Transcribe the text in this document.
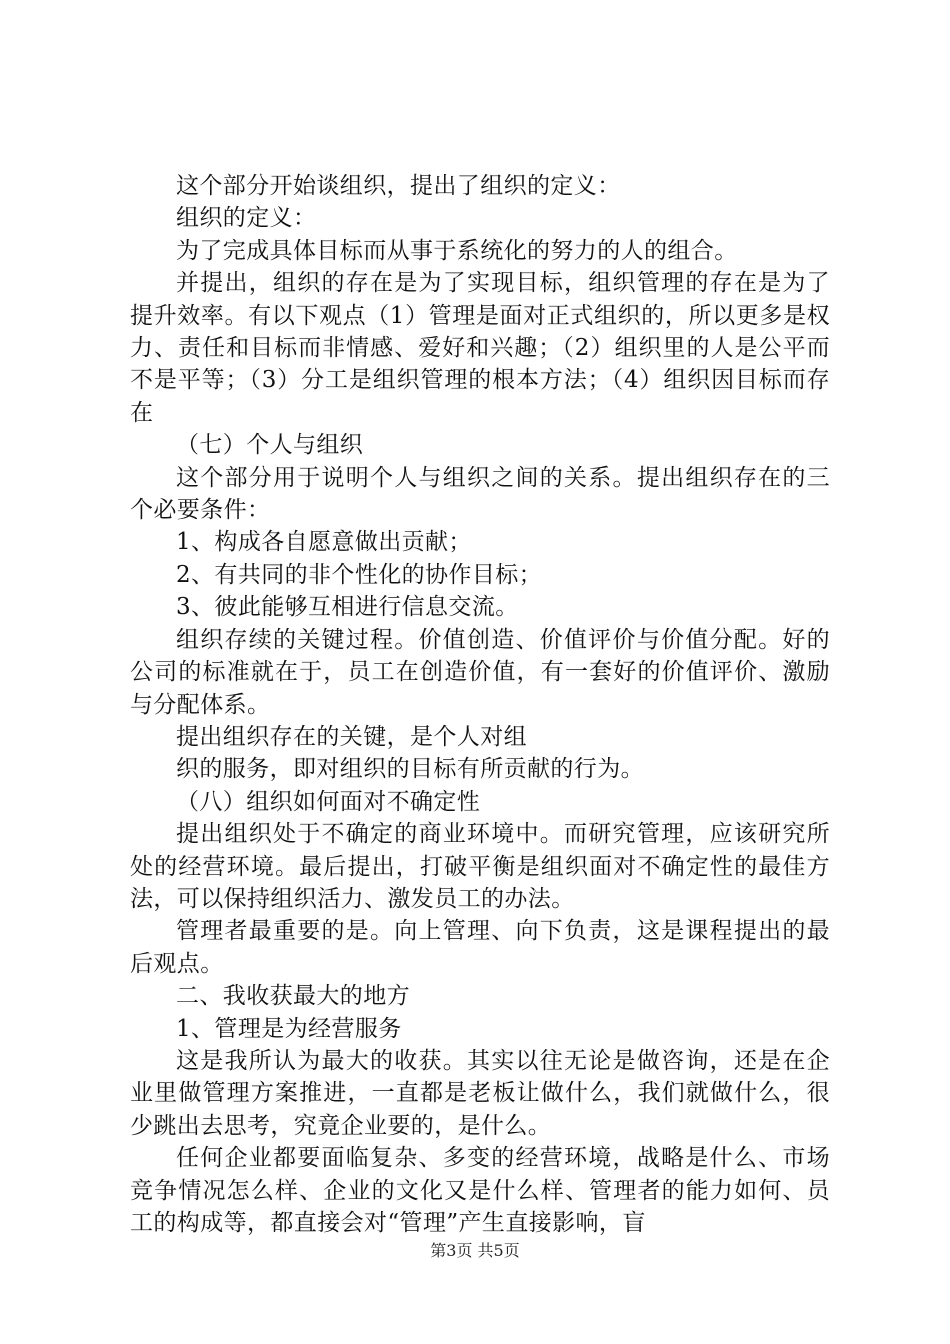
这个部分开始谈组织，提出了组织的定义：

组织的定义：

为了完成具体目标而从事于系统化的努力的人的组合。

并提出，组织的存在是为了实现目标，组织管理的存在是为了提升效率。有以下观点（1）管理是面对正式组织的，所以更多是权力、责任和目标而非情感、爱好和兴趣；（2）组织里的人是公平而不是平等；（3）分工是组织管理的根本方法；（4）组织因目标而存在

（七）个人与组织

这个部分用于说明个人与组织之间的关系。提出组织存在的三个必要条件：

1、构成各自愿意做出贡献；

2、有共同的非个性化的协作目标；

3、彼此能够互相进行信息交流。

组织存续的关键过程。价值创造、价值评价与价值分配。好的公司的标准就在于，员工在创造价值，有一套好的价值评价、激励与分配体系。

提出组织存在的关键，是个人对组

织的服务，即对组织的目标有所贡献的行为。

（八）组织如何面对不确定性

提出组织处于不确定的商业环境中。而研究管理，应该研究所处的经营环境。最后提出，打破平衡是组织面对不确定性的最佳方法，可以保持组织活力、激发员工的办法。

管理者最重要的是。向上管理、向下负责，这是课程提出的最后观点。

二、我收获最大的地方

1、管理是为经营服务

这是我所认为最大的收获。其实以往无论是做咨询，还是在企业里做管理方案推进，一直都是老板让做什么，我们就做什么，很少跳出去思考，究竟企业要的，是什么。

任何企业都要面临复杂、多变的经营环境，战略是什么、市场竞争情况怎么样、企业的文化又是什么样、管理者的能力如何、员工的构成等，都直接会对“管理”产生直接影响，盲

第3页 共5页
